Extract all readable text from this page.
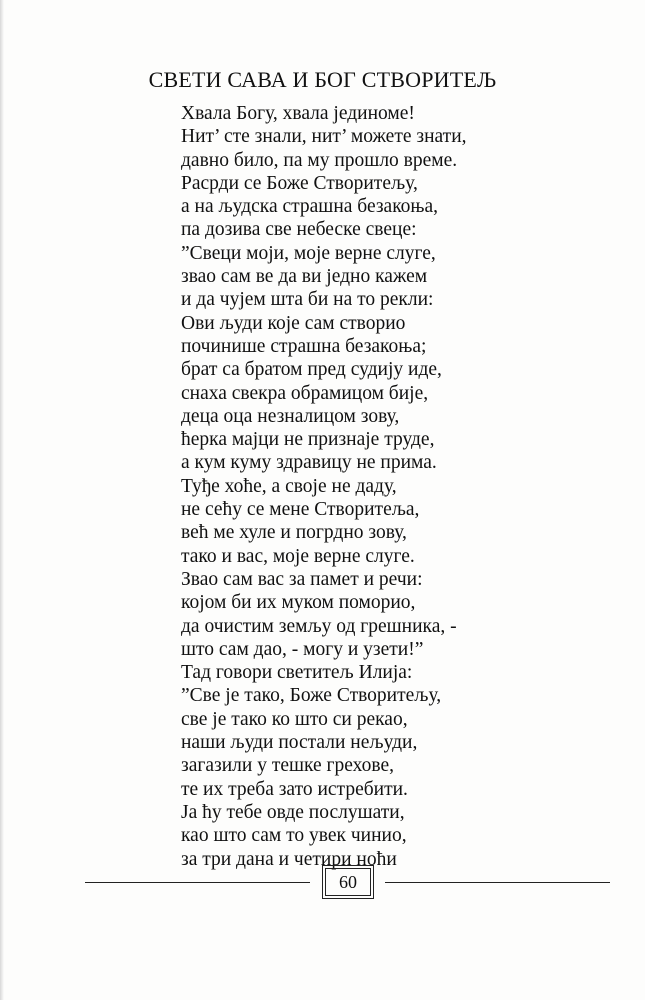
СВЕТИ САВА И БОГ СТВОРИТЕЉ
Хвала Богу, хвала јединоме!
Нит’ сте знали, нит’ можете знати,
давно било, па му прошло време.
Расрди се Боже Створитељу,
а на људска страшна безакоња,
па дозива све небеске свеце:
”Свеци моји, моје верне слуге,
звао сам ве да ви једно кажем
и да чујем шта би на то рекли:
Ови људи које сам створио
починише страшна безакоња;
брат са братом пред судију иде,
снаха свекра обрамицом бије,
деца оца незналицом зову,
ћерка мајци не признаје труде,
а кум куму здравицу не прима.
Туђе хоће, а своје не даду,
не сећу се мене Створитеља,
већ ме хуле и погрдно зову,
тако и вас, моје верне слуге.
Звао сам вас за памет и речи:
којом би их муком поморио,
да очистим земљу од грешника, -
што сам дао, - могу и узети!”
Тад говори светитељ Илија:
”Све је тако, Боже Створитељу,
све је тако ко што си рекао,
наши људи постали нељуди,
загазили у тешке грехове,
те их треба зато истребити.
Ја ћу тебе овде послушати,
као што сам то увек чинио,
за три дана и четири ноћи
60
